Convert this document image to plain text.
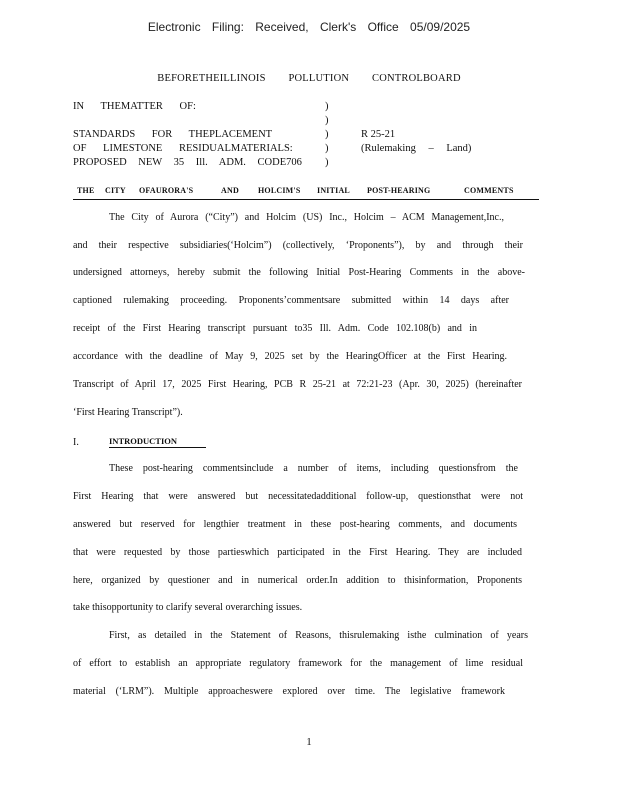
Electronic Filing: Received, Clerk's Office 05/09/2025
BEFORETHEILLINOIS POLLUTION CONTROLBOARD
IN THEMATTER OF:	)
)
STANDARDS FOR THEPLACEMENT	)	R 25-21
OF LIMESTONE RESIDUALMATERIALS:	)	(Rulemaking – Land)
PROPOSED NEW 35 Ill. ADM. CODE706 )
THE CITY OFAURORA'S	AND HOLCIM'S INITIAL POST-HEARING	COMMENTS
The City of Aurora (“City”) and Holcim (US) Inc., Holcim – ACM Management,Inc.,
and their respective subsidiaries(‘Holcim”) (collectively, ‘Proponents”), by and through their
undersigned attorneys, hereby submit the following Initial Post-Hearing Comments in the above-
captioned rulemaking proceeding. Proponents’commentsare submitted within 14 days after
receipt of the First Hearing transcript pursuant to35 Ill. Adm. Code 102.108(b) and in
accordance with the deadline of May 9, 2025 set by the HearingOfficer at the First Hearing.
Transcript of April 17, 2025 First Hearing, PCB R 25-21 at 72:21-23 (Apr. 30, 2025) (hereinafter
‘First Hearing Transcript”).
I.	INTRODUCTION
These post-hearing commentsinclude a number of items, including questionsfrom the
First Hearing that were answered but necessitatedadditional follow-up, questionsthat were not
answered but reserved for lengthier treatment in these post-hearing comments, and documents
that were requested by those partieswhich participated in the First Hearing. They are included
here, organized by questioner and in numerical order.In addition to thisinformation, Proponents
take thisopportunity to clarify several overarching issues.
First, as detailed in the Statement of Reasons, thisrulemaking isthe culmination of years
of effort to establish an appropriate regulatory framework for the management of lime residual
material (‘LRM”). Multiple approacheswere explored over time. The legislative framework
1
